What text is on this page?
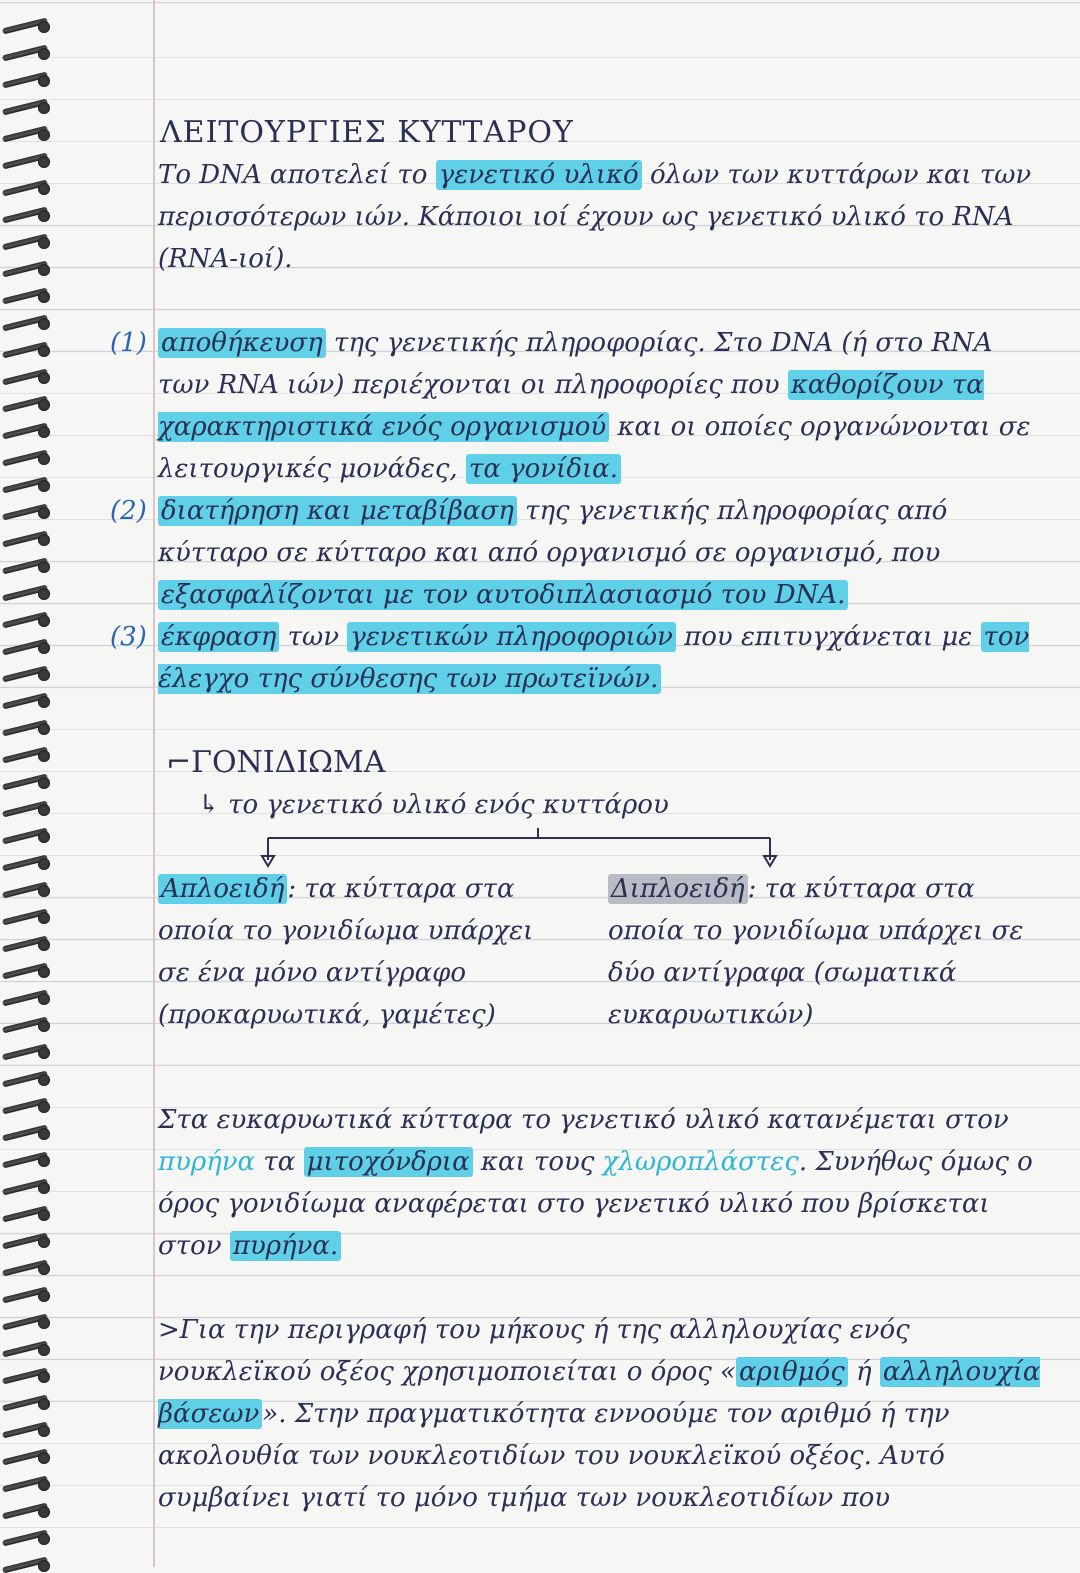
ΛΕΙΤΟΥΡΓΙΕΣ ΚΥΤΤΑΡΟΥ

Το DNA αποτελεί το γενετικό υλικό όλων των κυττάρων και των περισσότερων ιών. Κάποιοι ιοί έχουν ως γενετικό υλικό το RNA (RNA-ιοί).

(1) αποθήκευση της γενετικής πληροφορίας. Στο DNA (ή στο RNA των RNA ιών) περιέχονται οι πληροφορίες που καθορίζουν τα χαρακτηριστικά ενός οργανισμού και οι οποίες οργανώνονται σε λειτουργικές μονάδες, τα γονίδια.

(2) διατήρηση και μεταβίβαση της γενετικής πληροφορίας από κύτταρο σε κύτταρο και από οργανισμό σε οργανισμό, που εξασφαλίζονται με τον αυτοδιπλασιασμό του DNA.

(3) έκφραση των γενετικών πληροφοριών που επιτυγχάνεται με τον έλεγχο της σύνθεσης των πρωτεϊνών.

⌐ΓΟΝΙΔΙΩΜΑ
↳ το γενετικό υλικό ενός κυττάρου
Απλοειδή : τα κύτταρα στα οποία το γονιδίωμα υπάρχει σε ένα μόνο αντίγραφο (προκαρυωτικά, γαμέτες)
Διπλοειδή : τα κύτταρα στα οποία το γονιδίωμα υπάρχει σε δύο αντίγραφα (σωματικά ευκαρυωτικών)

Στα ευκαρυωτικά κύτταρα το γενετικό υλικό κατανέμεται στον πυρήνα τα μιτοχόνδρια και τους χλωροπλάστες. Συνήθως όμως ο όρος γονιδίωμα αναφέρεται στο γενετικό υλικό που βρίσκεται στον πυρήνα.

>Για την περιγραφή του μήκους ή της αλληλουχίας ενός νουκλεϊκού οξέος χρησιμοποιείται ο όρος « αριθμός ή αλληλουχία βάσεων ». Στην πραγματικότητα εννοούμε τον αριθμό ή την ακολουθία των νουκλεοτιδίων του νουκλεϊκού οξέος. Αυτό συμβαίνει γιατί το μόνο τμήμα των νουκλεοτιδίων που
